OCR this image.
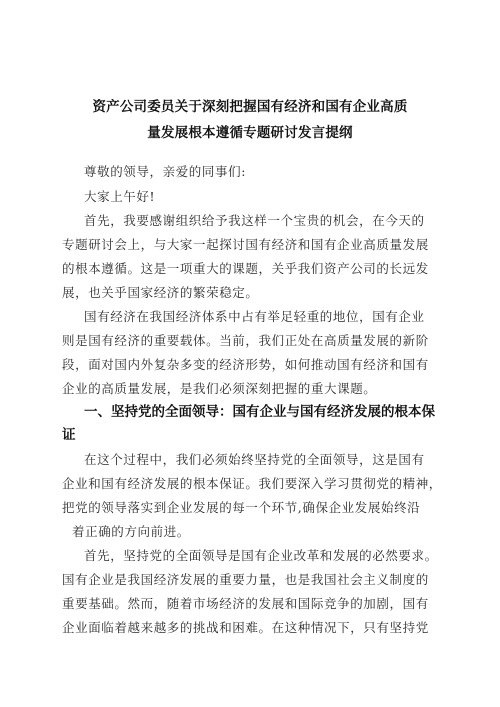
资产公司委员关于深刻把握国有经济和国有企业高质
量发展根本遵循专题研讨发言提纲
尊敬的领导，亲爱的同事们:
大家上午好!
首先，我要感谢组织给予我这样一个宝贵的机会，在今天的
专题研讨会上，与大家一起探讨国有经济和国有企业高质量发展
的根本遵循。这是一项重大的课题，关乎我们资产公司的长远发
展，也关乎国家经济的繁荣稳定。
国有经济在我国经济体系中占有举足轻重的地位，国有企业
则是国有经济的重要载体。当前，我们正处在高质量发展的新阶
段，面对国内外复杂多变的经济形势，如何推动国有经济和国有
企业的高质量发展，是我们必须深刻把握的重大课题。
一、坚持党的全面领导：国有企业与国有经济发展的根本保
证
在这个过程中，我们必须始终坚持党的全面领导，这是国有
企业和国有经济发展的根本保证。我们要深入学习贯彻党的精神，
把党的领导落实到企业发展的每一个环节,确保企业发展始终沿
着正确的方向前进。
首先，坚持党的全面领导是国有企业改革和发展的必然要求。
国有企业是我国经济发展的重要力量，也是我国社会主义制度的
重要基础。然而，随着市场经济的发展和国际竞争的加剧，国有
企业面临着越来越多的挑战和困难。在这种情况下，只有坚持党
